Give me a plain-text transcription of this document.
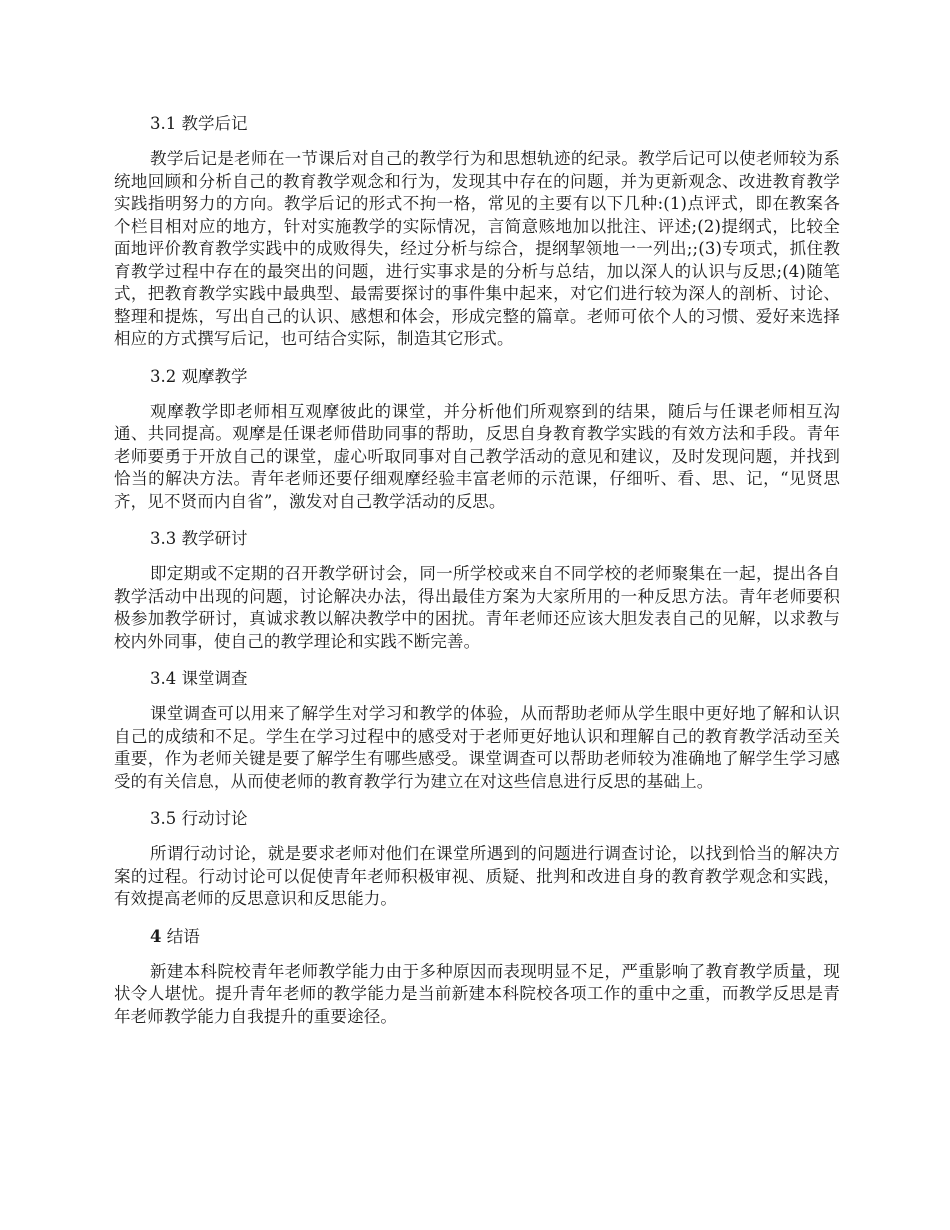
3.1 教学后记

教学后记是老师在一节课后对自己的教学行为和思想轨迹的纪录。教学后记可以使老师较为系统地回顾和分析自己的教育教学观念和行为，发现其中存在的问题，并为更新观念、改进教育教学实践指明努力的方向。教学后记的形式不拘一格，常见的主要有以下几种:(1)点评式，即在教案各个栏目相对应的地方，针对实施教学的实际情况，言简意赅地加以批注、评述;(2)提纲式，比较全面地评价教育教学实践中的成败得失，经过分析与综合，提纲挈领地一一列出;;(3)专项式，抓住教育教学过程中存在的最突出的问题，进行实事求是的分析与总结，加以深人的认识与反思;(4)随笔式，把教育教学实践中最典型、最需要探讨的事件集中起来，对它们进行较为深人的剖析、讨论、整理和提炼，写出自己的认识、感想和体会，形成完整的篇章。老师可依个人的习惯、爱好来选择相应的方式撰写后记，也可结合实际，制造其它形式。

3.2 观摩教学

观摩教学即老师相互观摩彼此的课堂，并分析他们所观察到的结果，随后与任课老师相互沟通、共同提高。观摩是任课老师借助同事的帮助，反思自身教育教学实践的有效方法和手段。青年老师要勇于开放自己的课堂，虚心听取同事对自己教学活动的意见和建议，及时发现问题，并找到恰当的解决方法。青年老师还要仔细观摩经验丰富老师的示范课，仔细听、看、思、记，“见贤思齐，见不贤而内自省”，激发对自己教学活动的反思。

3.3 教学研讨

即定期或不定期的召开教学研讨会，同一所学校或来自不同学校的老师聚集在一起，提出各自教学活动中出现的问题，讨论解决办法，得出最佳方案为大家所用的一种反思方法。青年老师要积极参加教学研讨，真诚求教以解决教学中的困扰。青年老师还应该大胆发表自己的见解，以求教与校内外同事，使自己的教学理论和实践不断完善。

3.4 课堂调查

课堂调查可以用来了解学生对学习和教学的体验，从而帮助老师从学生眼中更好地了解和认识自己的成绩和不足。学生在学习过程中的感受对于老师更好地认识和理解自己的教育教学活动至关重要，作为老师关键是要了解学生有哪些感受。课堂调查可以帮助老师较为准确地了解学生学习感受的有关信息，从而使老师的教育教学行为建立在对这些信息进行反思的基础上。

3.5 行动讨论

所谓行动讨论，就是要求老师对他们在课堂所遇到的问题进行调查讨论，以找到恰当的解决方案的过程。行动讨论可以促使青年老师积极审视、质疑、批判和改进自身的教育教学观念和实践，有效提高老师的反思意识和反思能力。

4 结语

新建本科院校青年老师教学能力由于多种原因而表现明显不足，严重影响了教育教学质量，现状令人堪忧。提升青年老师的教学能力是当前新建本科院校各项工作的重中之重，而教学反思是青年老师教学能力自我提升的重要途径。
